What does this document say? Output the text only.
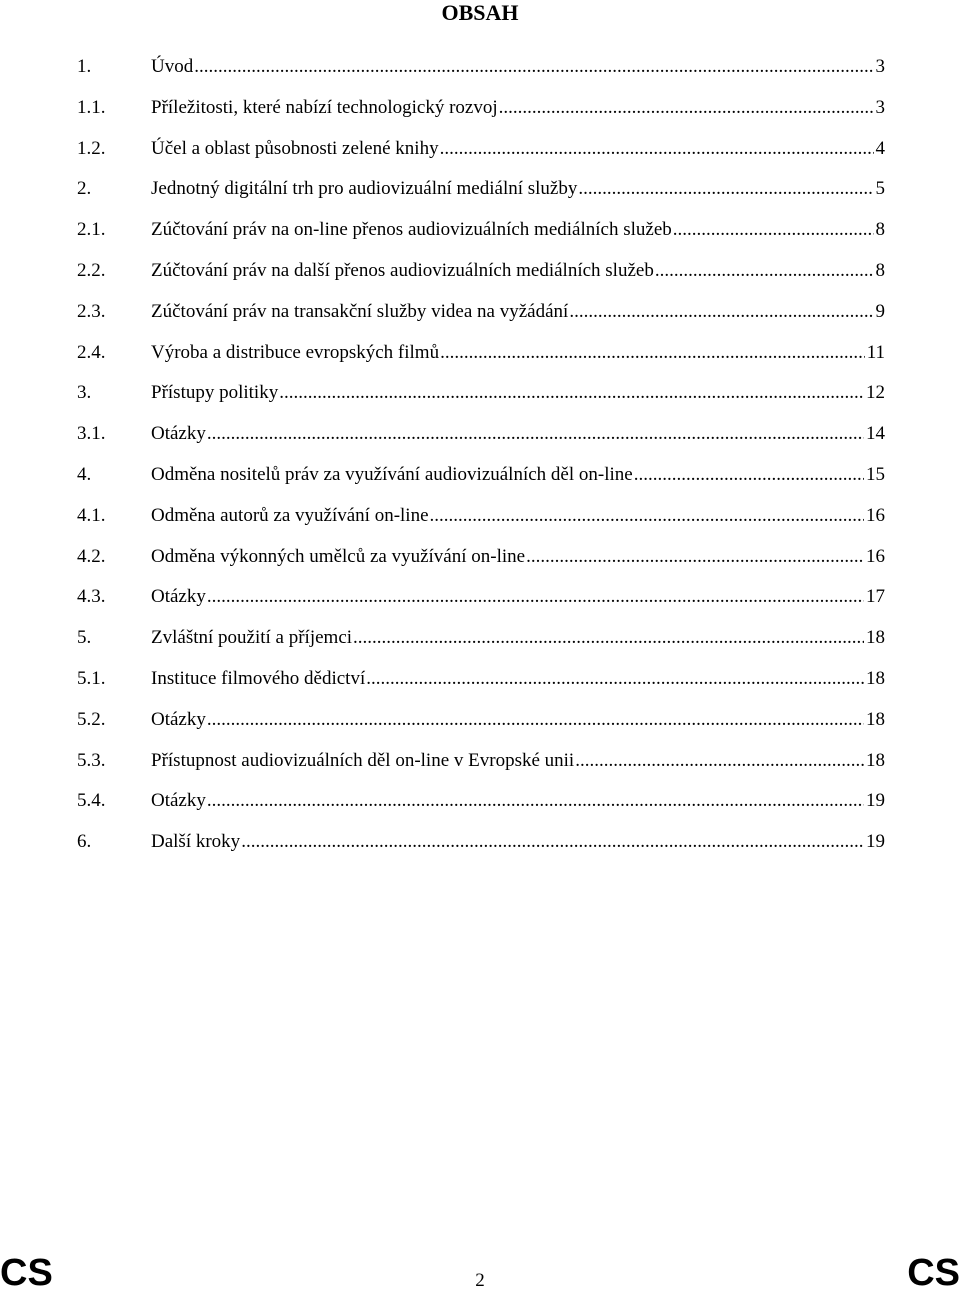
OBSAH
1.	Úvod .....	3
1.1.	Příležitosti, které nabízí technologický rozvoj .....	3
1.2.	Účel a oblast působnosti zelené knihy .....	4
2.	Jednotný digitální trh pro audiovizuální mediální služby .....	5
2.1.	Zúčtování práv na on-line přenos audiovizuálních mediálních služeb .....	8
2.2.	Zúčtování práv na další přenos audiovizuálních mediálních služeb .....	8
2.3.	Zúčtování práv na transakční služby videa na vyžádání .....	9
2.4.	Výroba a distribuce evropských filmů .....	11
3.	Přístupy politiky .....	12
3.1.	Otázky .....	14
4.	Odměna nositelů práv za využívání audiovizuálních děl on-line .....	15
4.1.	Odměna autorů za využívání on-line .....	16
4.2.	Odměna výkonných umělců za využívání on-line .....	16
4.3.	Otázky .....	17
5.	Zvláštní použití a příjemci .....	18
5.1.	Instituce filmového dědictví .....	18
5.2.	Otázky .....	18
5.3.	Přístupnost audiovizuálních děl on-line v Evropské unii .....	18
5.4.	Otázky .....	19
6.	Další kroky .....	19
CS	2	CS
